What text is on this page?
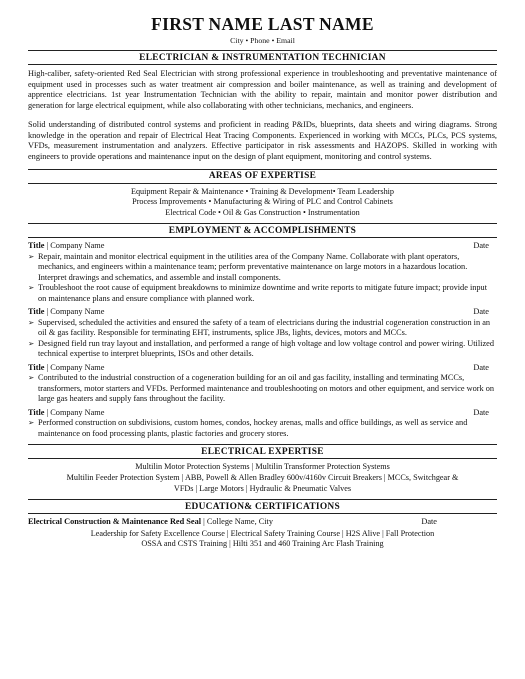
FIRST NAME LAST NAME
City • Phone • Email
ELECTRICIAN & INSTRUMENTATION TECHNICIAN

High-caliber, safety-oriented Red Seal Electrician with strong professional experience in troubleshooting and preventative maintenance of equipment used in processes such as water treatment air compression and boiler maintenance, as well as training and development of apprentice electricians. 1st year Instrumentation Technician with the ability to repair, maintain and monitor power distribution and generation for large electrical equipment, while also collaborating with other technicians, mechanics, and engineers.

Solid understanding of distributed control systems and proficient in reading P&IDs, blueprints, data sheets and wiring diagrams. Strong knowledge in the operation and repair of Electrical Heat Tracing Components. Experienced in working with MCCs, PLCs, PCS systems, VFDs, measurement instrumentation and analyzers. Effective participator in risk assessments and HAZOPS. Skilled in working with engineers to provide operations and maintenance input on the design of plant equipment, monitoring and control systems.

AREAS OF EXPERTISE
Equipment Repair & Maintenance • Training & Development• Team Leadership
Process Improvements • Manufacturing & Wiring of PLC and Control Cabinets
Electrical Code • Oil & Gas Construction • Instrumentation
EMPLOYMENT & ACCOMPLISHMENTS
Title | Company Name	Date
➢ Repair, maintain and monitor electrical equipment in the utilities area of the Company Name. Collaborate with plant operators, mechanics, and engineers within a maintenance team; perform preventative maintenance on large motors in a hazardous location. Interpret drawings and schematics, and assemble and install components.
➢ Troubleshoot the root cause of equipment breakdowns to minimize downtime and write reports to mitigate future impact; provide input on maintenance plans and ensure compliance with planned work.
Title | Company Name	Date
➢ Supervised, scheduled the activities and ensured the safety of a team of electricians during the industrial cogeneration construction in an oil & gas facility. Responsible for terminating EHT, instruments, splice JBs, lights, devices, motors and MCCs.
➢ Designed field run tray layout and installation, and performed a range of high voltage and low voltage control and power wiring. Utilized technical expertise to interpret blueprints, ISOs and other details.
Title | Company Name	Date
➢ Contributed to the industrial construction of a cogeneration building for an oil and gas facility, installing and terminating MCCs, transformers, motor starters and VFDs. Performed maintenance and troubleshooting on motors and other equipment, and service work on large gas heaters and supply fans throughout the facility.
Title | Company Name	Date
➢ Performed construction on subdivisions, custom homes, condos, hockey arenas, malls and office buildings, as well as service and maintenance on food processing plants, plastic factories and grocery stores.
ELECTRICAL EXPERTISE
Multilin Motor Protection Systems | Multilin Transformer Protection Systems
Multilin Feeder Protection System | ABB, Powell & Allen Bradley 600v/4160v Circuit Breakers | MCCs, Switchgear &
VFDs | Large Motors | Hydraulic & Pneumatic Valves
EDUCATION& CERTIFICATIONS
Electrical Construction & Maintenance Red Seal | College Name, City	Date
Leadership for Safety Excellence Course | Electrical Safety Training Course | H2S Alive | Fall Protection
OSSA and CSTS Training | Hilti 351 and 460 Training Arc Flash Training
